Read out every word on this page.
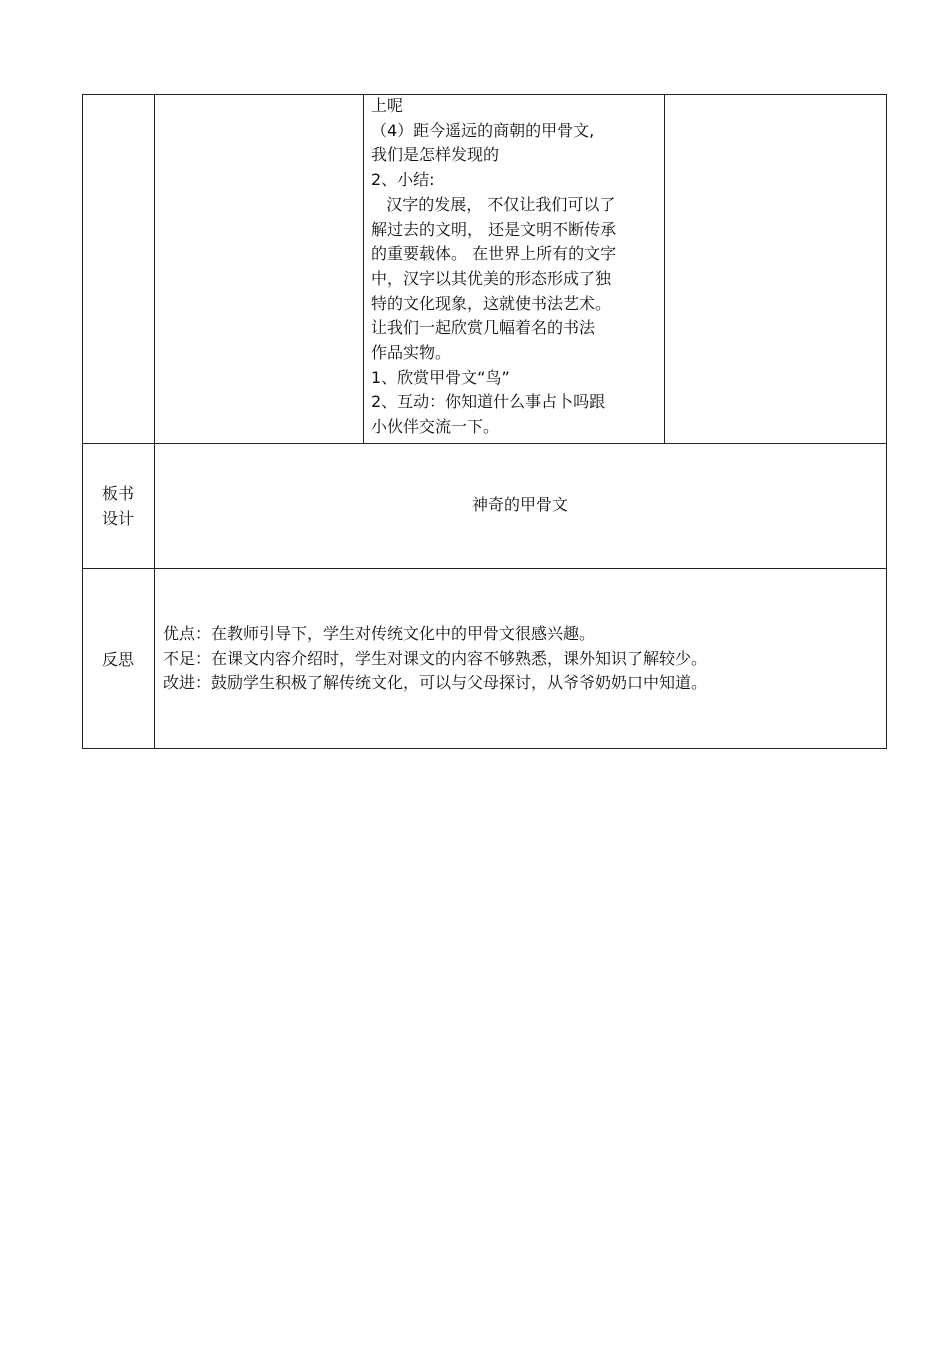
上呢
（4）距今遥远的商朝的甲骨文,
我们是怎样发现的
2、小结:
汉字的发展， 不仅让我们可以了
解过去的文明， 还是文明不断传承
的重要载体。 在世界上所有的文字
中，汉字以其优美的形态形成了独
特的文化现象，这就使书法艺术。
让我们一起欣赏几幅着名的书法
作品实物。
1、欣赏甲骨文“鸟”
2、互动：你知道什么事占卜吗跟
小伙伴交流一下。
板书
设计
神奇的甲骨文
反思
优点：在教师引导下，学生对传统文化中的甲骨文很感兴趣。
不足：在课文内容介绍时，学生对课文的内容不够熟悉，课外知识了解较少。
改进：鼓励学生积极了解传统文化，可以与父母探讨，从爷爷奶奶口中知道。
